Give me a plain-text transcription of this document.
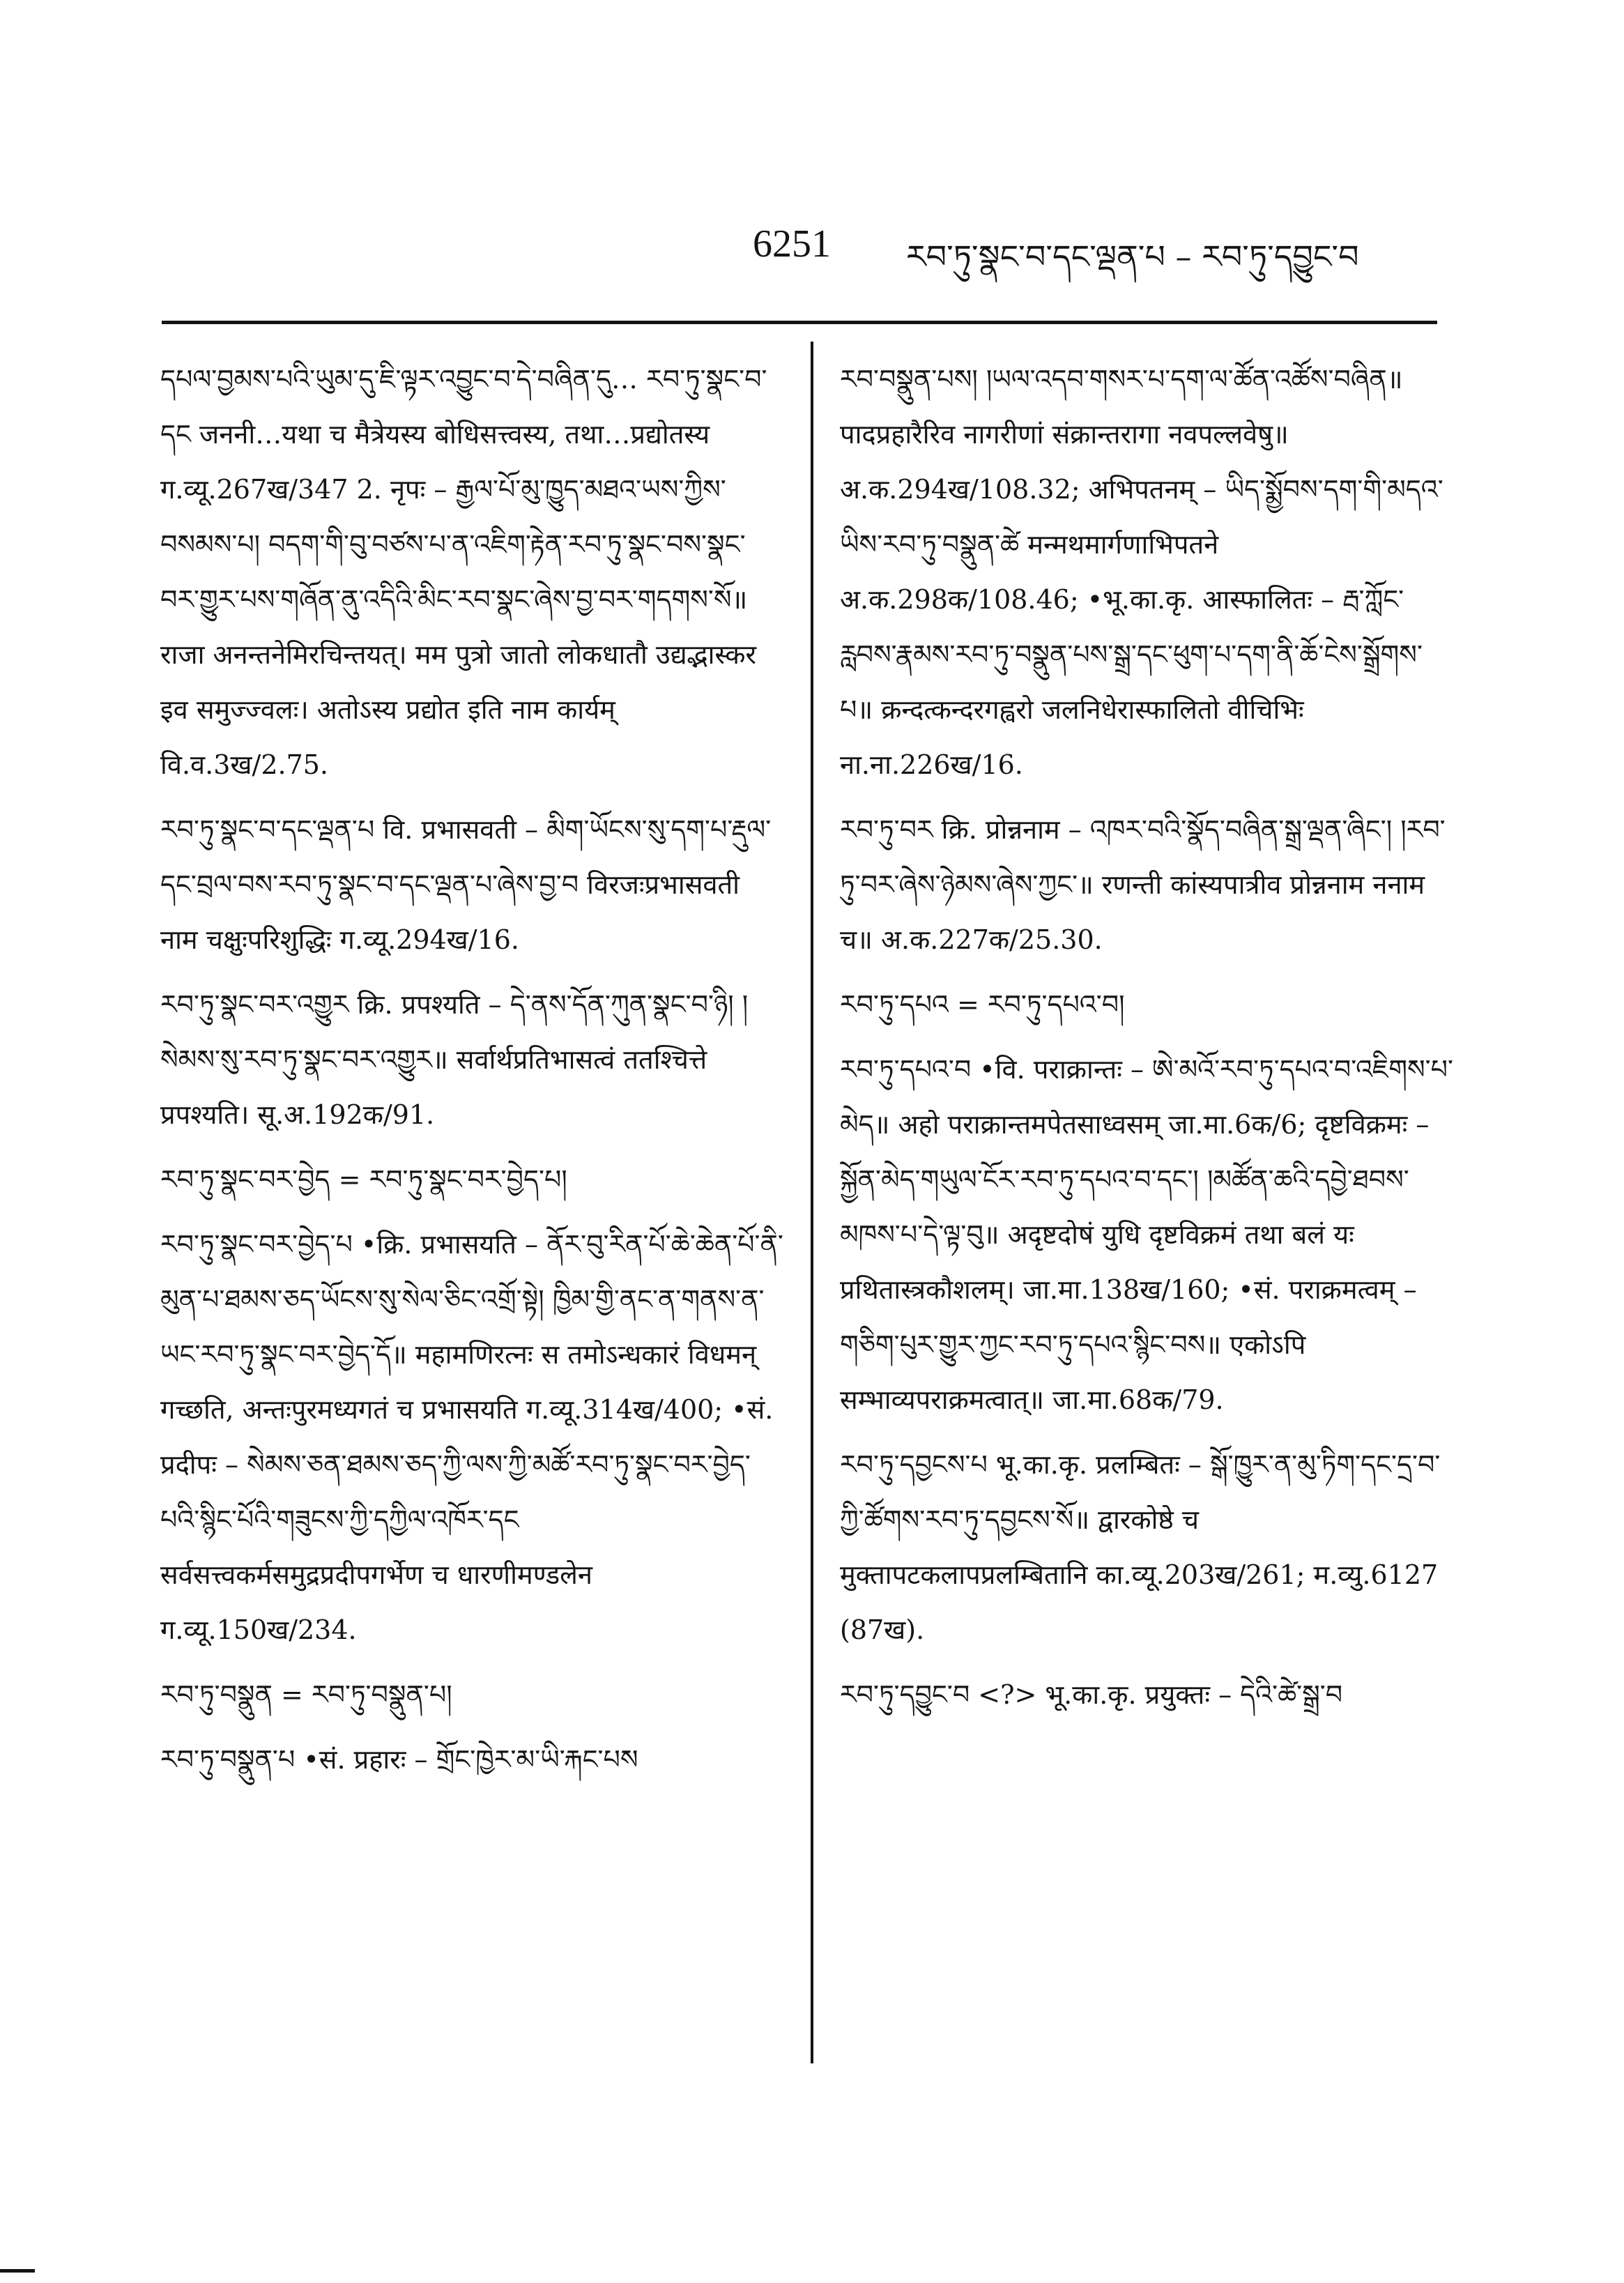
6251 རབ་ཏུ་སྣང་བ་དང་ལྡན་པ – རབ་ཏུ་དབྱུང་བ

དཔལ་བྱམས་པའི་ཡུམ་དུ་ཇི་ལྟར་འབྱུང་བ་དེ་བཞིན་དུ… རབ་ཏུ་སྣང་བ་དང जननी…यथा च मैत्रेयस्य बोधिसत्त्वस्य, तथा…प्रद्योतस्य ग.व्यू.267ख/347 2. नृपः – རྒྱལ་པོ་མུ་ཁྱུད་མཐའ་ཡས་ཀྱིས་བསམས་པ། བདག་གི་བུ་བཙས་པ་ན་འཇིག་རྟེན་རབ་ཏུ་སྣང་བས་སྣང་བར་གྱུར་པས་གཞོན་ནུ་འདིའི་མིང་རབ་སྣང་ཞེས་བྱ་བར་གདགས་སོ॥ राजा अनन्तनेमिरचिन्तयत्। मम पुत्रो जातो लोकधातौ उद्यद्भास्कर इव समुज्ज्वलः। अतोऽस्य प्रद्योत इति नाम कार्यम् वि.व.3ख/2.75.

རབ་ཏུ་སྣང་བ་དང་ལྡན་པ वि. प्रभासवती – མིག་ཡོངས་སུ་དག་པ་རྡུལ་དང་བྲལ་བས་རབ་ཏུ་སྣང་བ་དང་ལྡན་པ་ཞེས་བྱ་བ विरजःप्रभासवती नाम चक्षुःपरिशुद्धिः ग.व्यू.294ख/16.

རབ་ཏུ་སྣང་བར་འགྱུར क्रि. प्रपश्यति – དེ་ནས་དོན་ཀུན་སྣང་བ་ཉི། །སེམས་སུ་རབ་ཏུ་སྣང་བར་འགྱུར॥ सर्वार्थप्रतिभासत्वं ततश्चित्ते प्रपश्यति। सू.अ.192क/91.

རབ་ཏུ་སྣང་བར་བྱེད = རབ་ཏུ་སྣང་བར་བྱེད་པ།

རབ་ཏུ་སྣང་བར་བྱེད་པ •क्रि. प्रभासयति – ནོར་བུ་རིན་པོ་ཆེ་ཆེན་པོ་ནི་མུན་པ་ཐམས་ཅད་ཡོངས་སུ་སེལ་ཅིང་འགྲོ་སྟེ། ཁྱིམ་གྱི་ནང་ན་གནས་ན་ཡང་རབ་ཏུ་སྣང་བར་བྱེད་དོ॥ महामणिरत्नः स तमोऽन्धकारं विधमन् गच्छति, अन्तःपुरमध्यगतं च प्रभासयति ग.व्यू.314ख/400; •सं. प्रदीपः – སེམས་ཅན་ཐམས་ཅད་ཀྱི་ལས་ཀྱི་མཚོ་རབ་ཏུ་སྣང་བར་བྱེད་པའི་སྙིང་པོའི་གཟུངས་ཀྱི་དཀྱིལ་འཁོར་དང सर्वसत्त्वकर्मसमुद्रप्रदीपगर्भेण च धारणीमण्डलेन ग.व्यू.150ख/234.

རབ་ཏུ་བསྣུན = རབ་ཏུ་བསྣུན་པ།

རབ་ཏུ་བསྣུན་པ •सं. प्रहारः – གྲོང་ཁྱེར་མ་ཡི་རྐང་པས

རབ་བསྣུན་པས། །ཡལ་འདབ་གསར་པ་དག་ལ་ཚོན་འཚོས་བཞིན॥ पादप्रहारैरिव नागरीणां संक्रान्तरागा नवपल्लवेषु॥ अ.क.294ख/108.32; अभिपतनम् – ཡིད་སྨྱོབས་དག་གི་མདའ་ཡིས་རབ་ཏུ་བསྣུན་ཚེ मन्मथमार्गणाभिपतने अ.क.298क/108.46; •भू.का.कृ. आस्फालितः – རྦ་ཀློང་རླབས་རྣམས་རབ་ཏུ་བསྣུན་པས་སྒྲ་དང་ཕུག་པ་དག་ནི་ཆོ་ངེས་སྒྲོགས་པ॥ क्रन्दत्कन्दरगह्वरो जलनिधेरास्फालितो वीचिभिः ना.ना.226ख/16.

རབ་ཏུ་བར क्रि. प्रोन्ननाम – འཁར་བའི་སྣོད་བཞིན་སྒྲ་ལྡན་ཞིང་། །རབ་ཏུ་བར་ཞེས་ཉེམས་ཞེས་ཀྱང་॥ रणन्ती कांस्यपात्रीव प्रोन्ननाम ननाम च॥ अ.क.227क/25.30.

རབ་ཏུ་དཔའ = རབ་ཏུ་དཔའ་བ།

རབ་ཏུ་དཔའ་བ •वि. पराक्रान्तः – ཨེ་མའོ་རབ་ཏུ་དཔའ་བ་འཇིགས་པ་མེད॥ अहो पराक्रान्तमपेतसाध्वसम् जा.मा.6क/6; दृष्टविक्रमः – སྐྱོན་མེད་གཡུལ་ངོར་རབ་ཏུ་དཔའ་བ་དང་། །མཚོན་ཆའི་དབྱེ་ཐབས་མཁས་པ་དེ་ལྟ་བུ॥ अदृष्टदोषं युधि दृष्टविक्रमं तथा बलं यः प्रथितास्त्रकौशलम्। जा.मा.138ख/160; •सं. पराक्रमत्वम् – གཅིག་པུར་གྱུར་ཀྱང་རབ་ཏུ་དཔའ་སྙིང་བས॥ एकोऽपि सम्भाव्यपराक्रमत्वात्॥ जा.मा.68क/79.

རབ་ཏུ་དབྱངས་པ भू.का.कृ. प्रलम्बितः – སྒོ་ཁྱུར་ན་མུ་ཏིག་དང་དྲ་བ་ཀྱི་ཚོགས་རབ་ཏུ་དབྱངས་སོ॥ द्वारकोष्ठे च मुक्तापटकलापप्रलम्बितानि का.व्यू.203ख/261; म.व्यु.6127 (87ख).

རབ་ཏུ་དབྱུང་བ <?> भू.का.कृ. प्रयुक्तः – དེའི་ཚེ་སྒྲ་བ
